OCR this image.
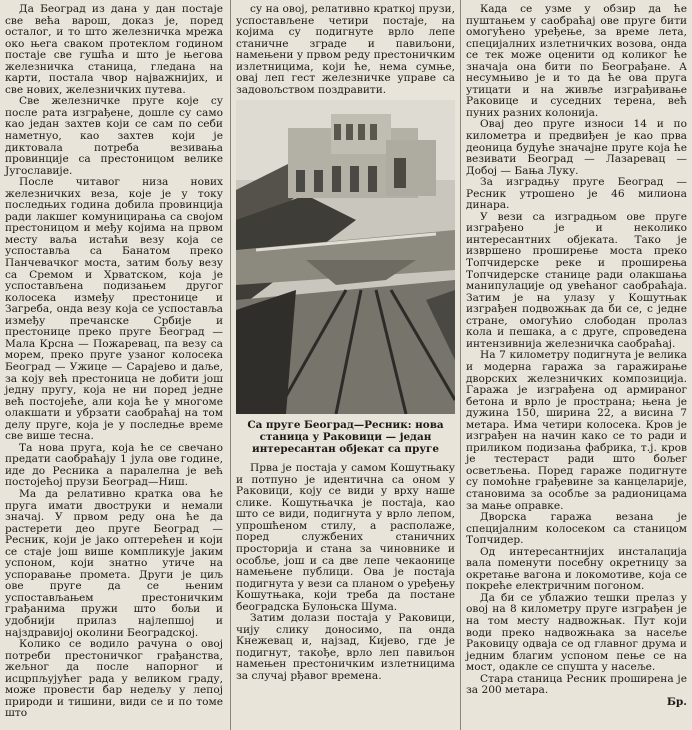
Да Београд из дана у дан постаје све већа варош, доказ је, поред осталог, и то што железничка мрежа око њега сваком протеклом годином постаје све гушћа и што је његова железничка станица, гледана на карти, постала чвор најважнијих, и све нових, железничких путева.

Све железничке пруге које су после рата изграђене, дошле су само као један захтев који се сам по себи наметнуо, као захтев који је диктовала потреба везивања провинције са престоницом велике Југославије.

После читавог низа нових железничких веза, које је у току последњих година добила провинција ради лакшег комуницирања са својом престоницом и међу којима на првом месту ваља истаћи везу која се успоставља са Банатом преко Панчевачког моста, затим бољу везу са Сремом и Хрватском, која је успостављена подизањем другог колосека између престонице и Загреба, онда везу која се успоставља између пречанске Србије и престонице преко пруге Београд — Мала Крсна — Пожаревац, па везу са морем, преко пруге узаног колосека Београд — Ужице — Сарајево и даље, за коју већ престоница не добити још једну пругу, која не ни поред једне већ постојеће, али која ће у многоме олакшати и убрзати саобраћај на том делу пруге, која је у последње време све више тесна.

Та нова пруга, која ће се свечано предати саобраћају 1 јула ове године, иде до Ресника а паралелна је већ постојећој прузи Београд—Ниш.

Ма да релативно кратка ова ће пруга имати двоструки и немали значај. У првом реду она ће да растерети део пруге Београд — Ресник, који је јако оптерећен и који се стаје још више компликује јаким успоном, који знатно утиче на успоравање промета. Други је циљ ове пруге да се њеним успостављањем престоничким грађанима пружи што бољи и удобнији прилаз најлепшој и најздравијој околини Београдској.

Колико се водило рачуна о овој потреби престоничког грађанства, жељног да после напорног и исцрпљујућег рада у великом граду, може провести бар недељу у лепој природи и тишини, види се и по томе што

су на овој, релативно краткој прузи, успостављене четири постаје, на којима су подигнуте врло лепе станичне зграде и павиљони, намењени у првом реду престоничким излетницима, који ће, нема сумње, овај леп гест железничке управе са задовољством поздравити.

Са пруге Београд—Ресник: нова станица у Раковици — један интересантан објекат са пруге

Прва је постаја у самом Кошутњаку и потпуно је идентична са оном у Раковици, коју се види у врху наше слике. Кошутњачка је постаја, као што се види, подигнута у врло лепом, упрошћеном стилу, а располаже, поред службених станичних просторија и стана за чиновнике и особље, још и са две лепе чекаонице намењене публици. Ова је постаја подигнута у вези са планом о уређењу Кошутњака, који треба да постане београдска Булоњска Шума.

Затим долази постаја у Раковици, чију слику доносимо, па онда Кнежевац и, најзад, Кијево, где је подигнут, такође, врло леп павиљон намењен престоничким излетницима за случај рђавог времена.

Када се узме у обзир да ће пуштањем у саобраћај ове пруге бити омогућено уређење, за време лета, специјалних излетничких возова, онда се тек може оценити од коликог ће значаја она бити по Београђане. А несумњиво је и то да ће ова пруга утицати и на живље изграђивање Раковице и суседних терена, већ пуних разних колонија.

Овај део пруге износи 14 и по километра и предвиђен је као прва деоница будуће значајне пруге која ће везивати Београд — Лазаревац — Добој — Бања Луку.

За изградњу пруге Београд — Ресник утрошено је 46 милиона динара.

У вези са изградњом ове пруге изграђено је и неколико интересантних објеката. Тако је извршено проширење моста преко Топчидерске реке и проширења Топчидерске станице ради олакшања манипулације од увећаног саобраћаја. Затим је на улазу у Кошутњак изграђен подвожњак да би се, с једне стране, омогућио слободан пролаз кола и пешака, а с друге, спроведена интензивнија железничка саобраћај.

На 7 километру подигнута је велика и модерна гаража за гаражирање дворских железничких композиција. Гаража је изграђена од армираног бетона и врло је пространа; њена је дужина 150, ширина 22, а висина 7 метара. Има четири колосека. Кров је изграђен на начин како се то ради и приликом подизања фабрика, т.ј. кров је тестераст ради што бољег осветљења. Поред гараже подигнуте су помоћне грађевине за канцеларије, становима за особље за радионицама за мање оправке.

Дворска гаража везана је специјалним колосеком са станицом Топчидер.

Од интересантнијих инсталација вала поменути посебну окретницу за окретање вагона и локомотиве, која се покреће електричним погоном.

Да би се ублажио тешки прелаз у овој на 8 километру пруге изграђен је на том месту надвожњак. Пут који води преко надвожњака за насеље Раковицу одваја се од главног друма и једним благим успоном пење се на мост, одакле се спушта у насеље.

Стара станица Ресник проширена је за 200 метара.

Бр.
